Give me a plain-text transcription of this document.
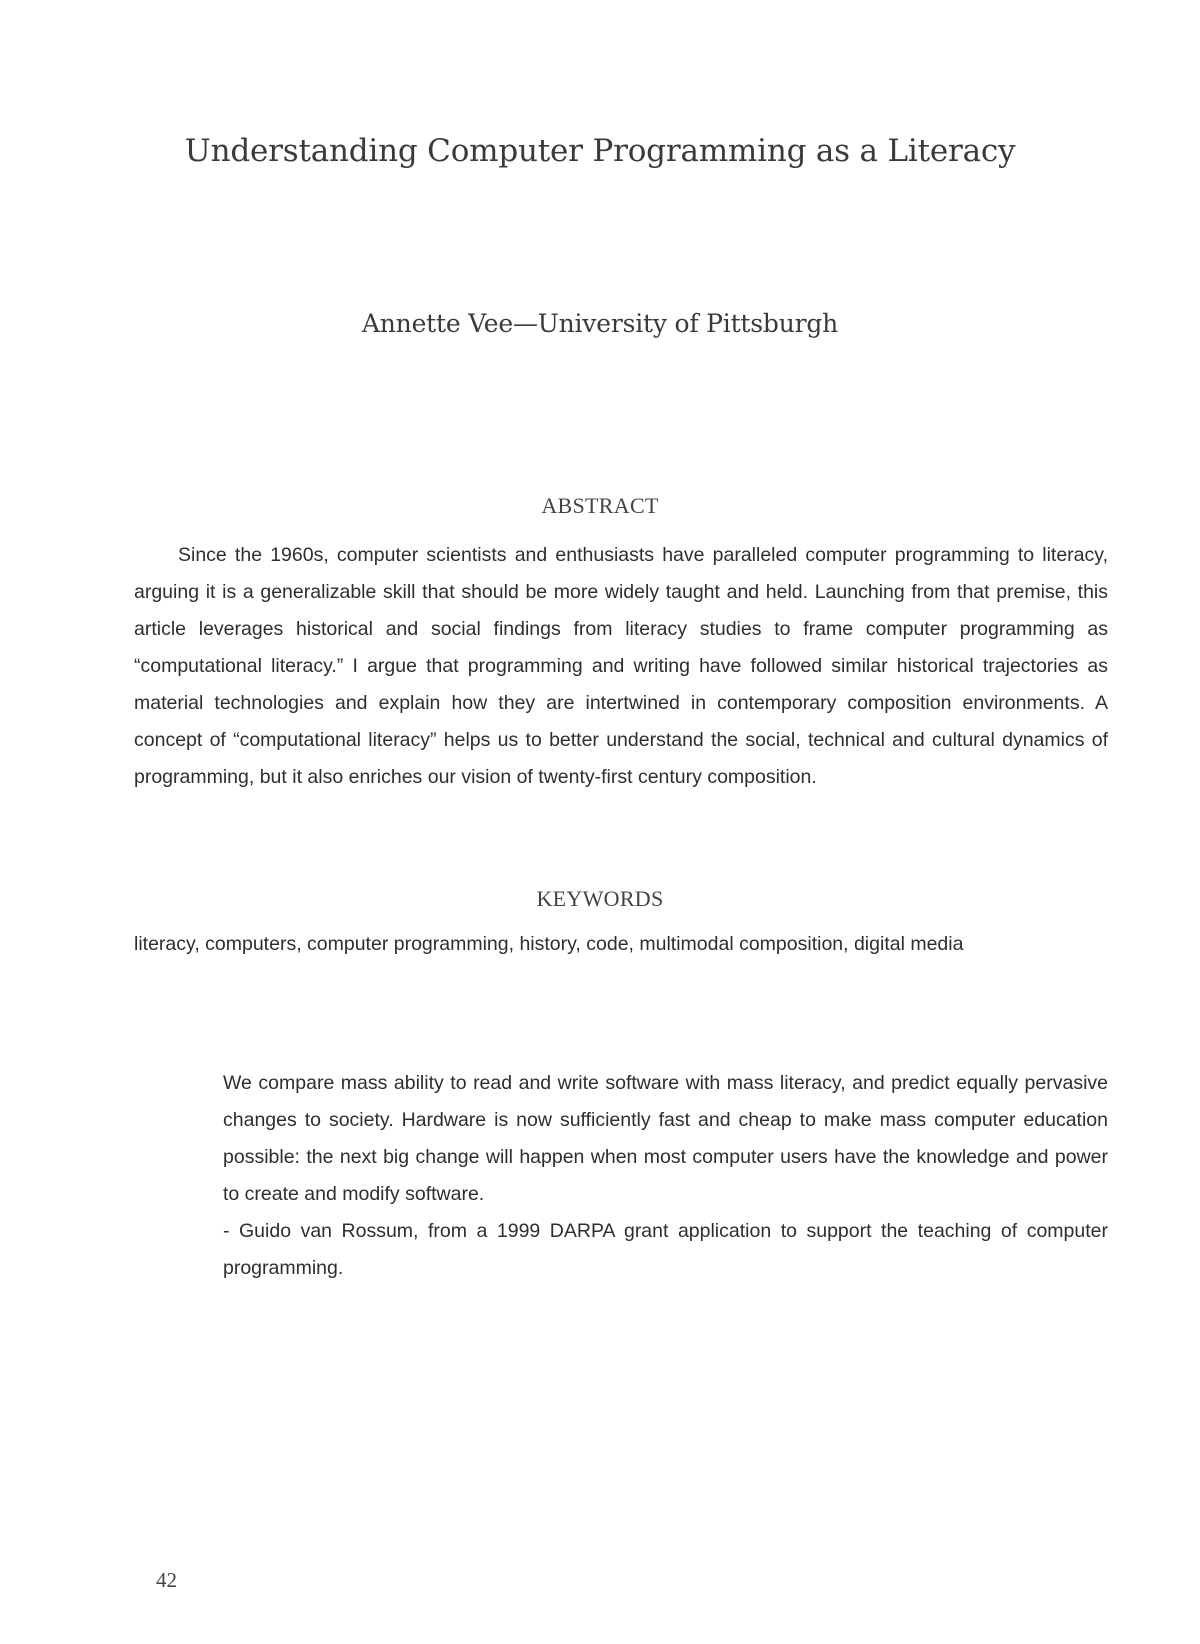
Understanding Computer Programming as a Literacy
Annette Vee—University of Pittsburgh
ABSTRACT

Since the 1960s, computer scientists and enthusiasts have paralleled computer programming to literacy, arguing it is a generalizable skill that should be more widely taught and held. Launching from that premise, this article leverages historical and social findings from literacy studies to frame computer programming as “computational literacy.” I argue that programming and writing have followed similar historical trajectories as material technologies and explain how they are intertwined in contemporary composition environments. A concept of “computational literacy” helps us to better understand the social, technical and cultural dynamics of programming, but it also enriches our vision of twenty-first century composition.

KEYWORDS

literacy, computers, computer programming, history, code, multimodal composition, digital media

We compare mass ability to read and write software with mass literacy, and predict equally pervasive changes to society. Hardware is now sufficiently fast and cheap to make mass computer education possible: the next big change will happen when most computer users have the knowledge and power to create and modify software.

- Guido van Rossum, from a 1999 DARPA grant application to support the teaching of computer programming.

42
